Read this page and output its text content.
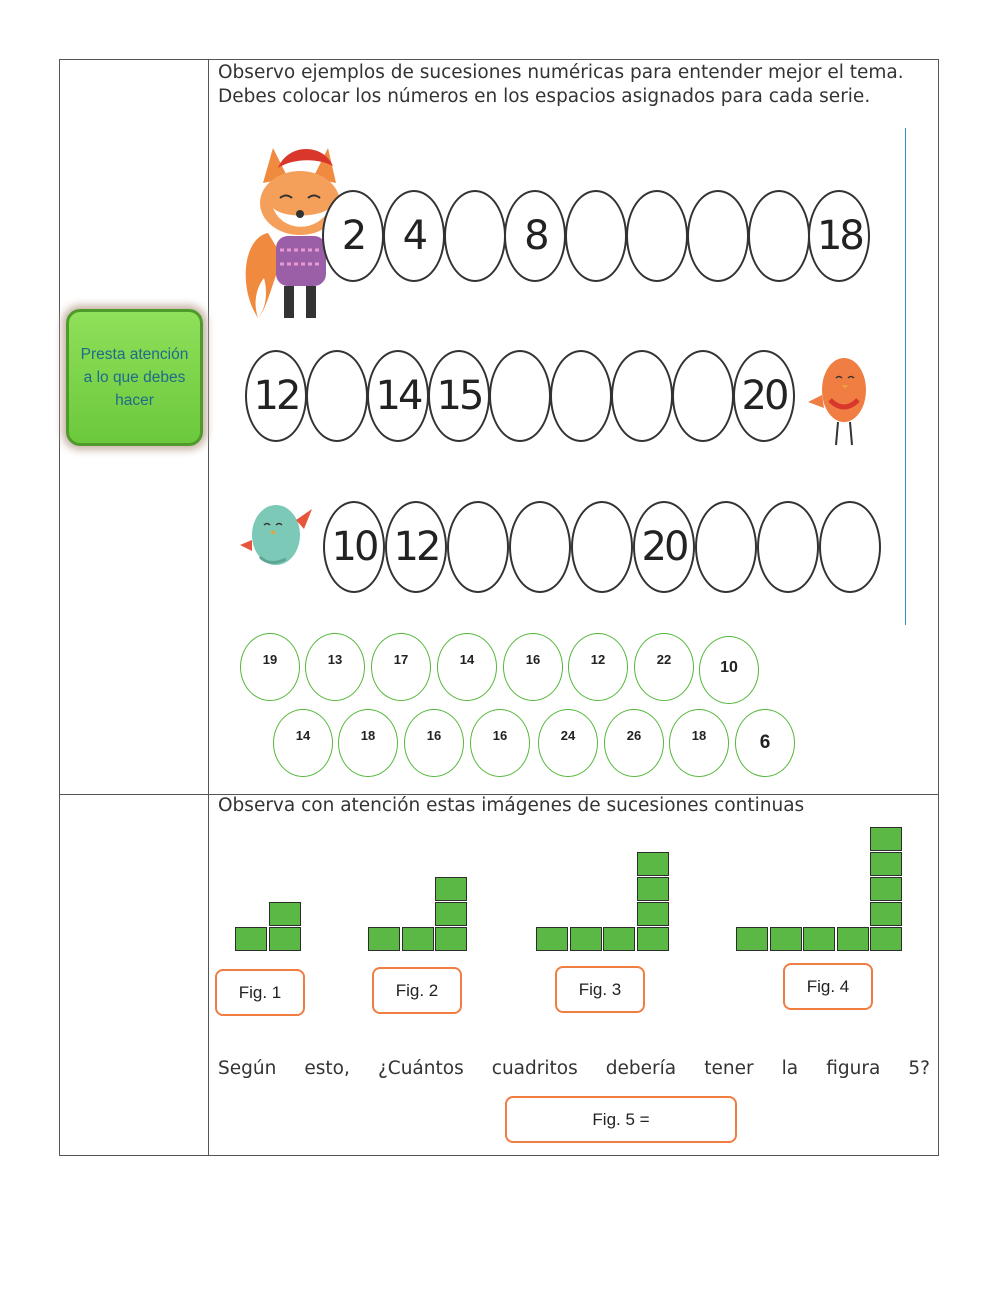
Presta atención a lo que debes hacer
Observo ejemplos de sucesiones numéricas para entender mejor el tema.
Debes colocar los números en los espacios asignados para cada serie.
2 4	8	18
12 14 15	20
10 12	20
19	13	17	14	16	12	22	10
14	18	16	16	24	26	18	6
Observa con atención estas imágenes de sucesiones continuas
Fig. 1	Fig. 2	Fig. 3	Fig. 4
Según esto, ¿Cuántos cuadritos debería tener la figura 5?
Fig. 5 =
